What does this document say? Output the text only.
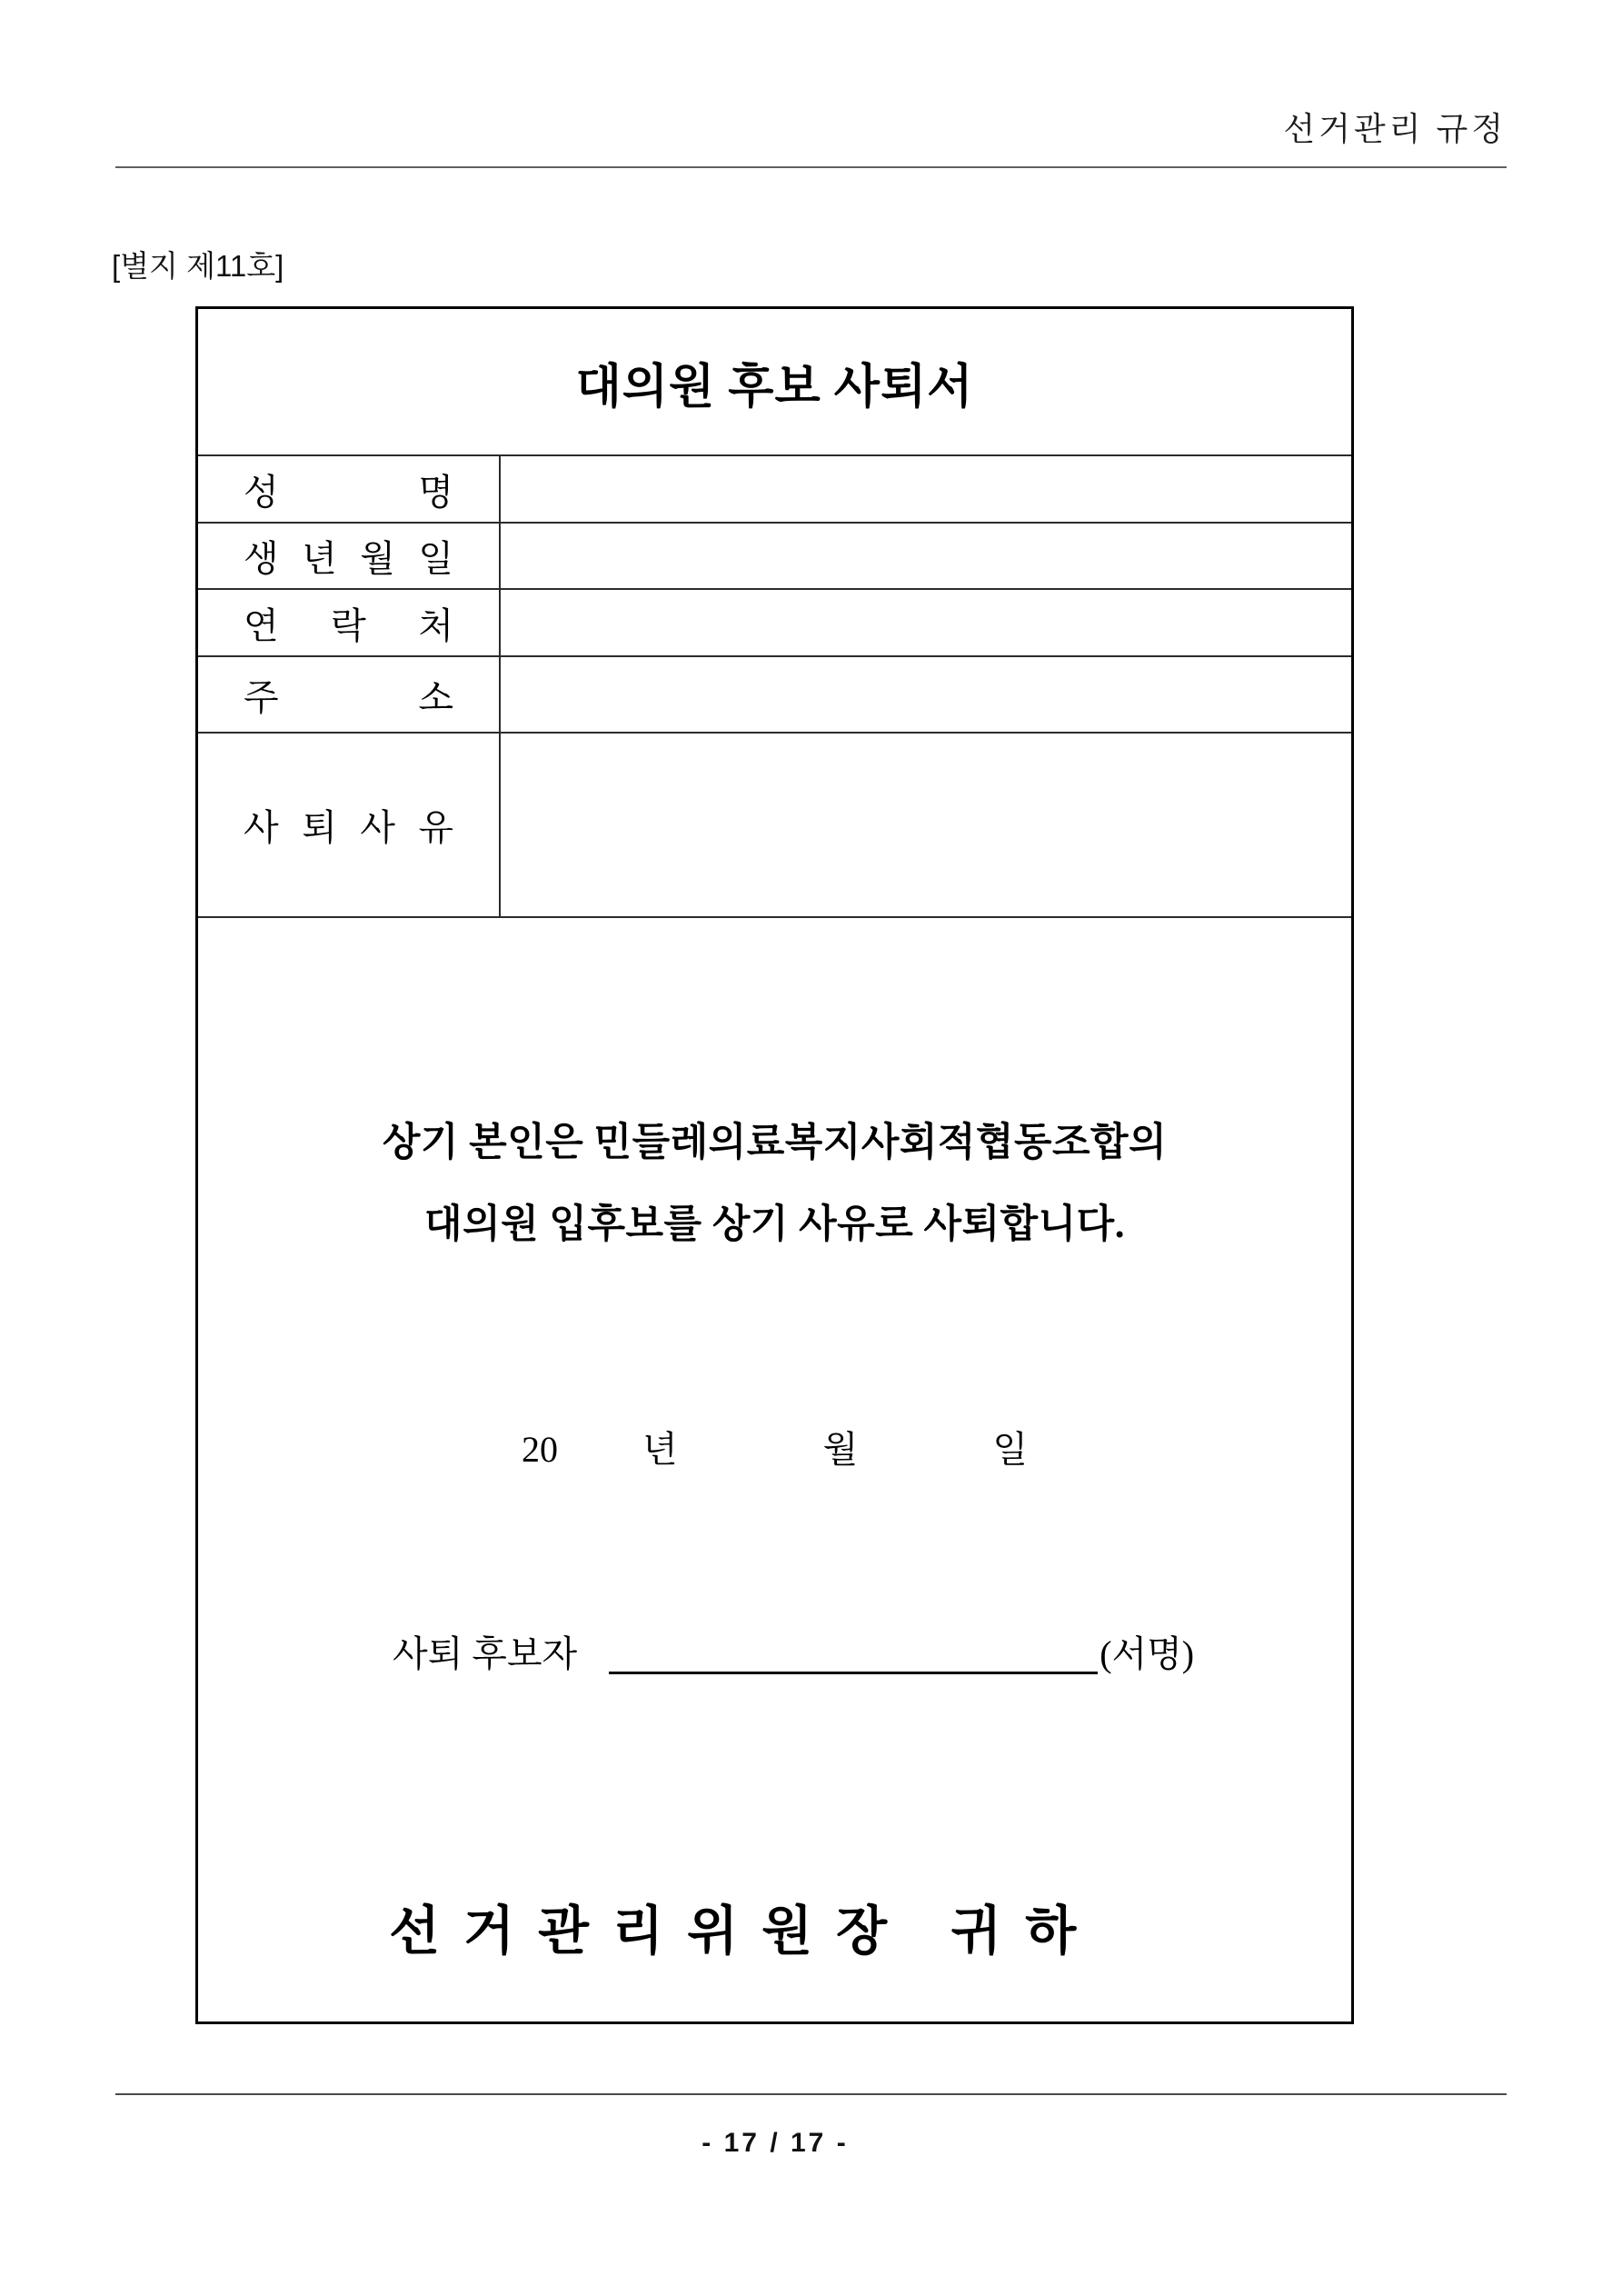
선거관리 규정
[별지 제11호]
대의원 후보 사퇴서
성 명
생 년 월 일
연 락 처
주 소
사 퇴 사 유
상기 본인은 민들레의료복지사회적협동조합의
대의원 입후보를 상기 사유로 사퇴합니다.
20 년	월	일
사퇴 후보자	(서명)
선거관리위원장 귀하
- 17 / 17 -
